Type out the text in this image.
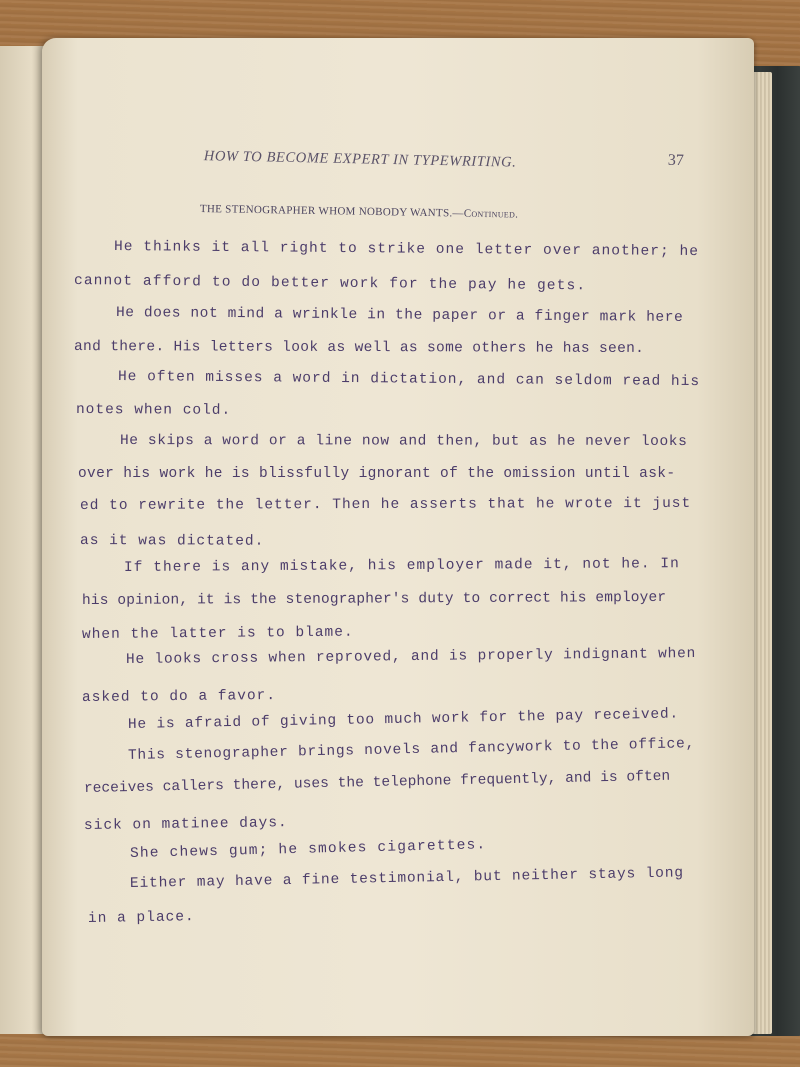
HOW TO BECOME EXPERT IN TYPEWRITING.	37
THE STENOGRAPHER WHOM NOBODY WANTS.—Continued.
He thinks it all right to strike one letter over another; he
cannot afford to do better work for the pay he gets.
He does not mind a wrinkle in the paper or a finger mark here
and there. His letters look as well as some others he has seen.
He often misses a word in dictation, and can seldom read his
notes when cold.
He skips a word or a line now and then, but as he never looks
over his work he is blissfully ignorant of the omission until ask-
ed to rewrite the letter. Then he asserts that he wrote it just
as it was dictated.
If there is any mistake, his employer made it, not he. In
his opinion, it is the stenographer's duty to correct his employer
when the latter is to blame.
He looks cross when reproved, and is properly indignant when
asked to do a favor.
He is afraid of giving too much work for the pay received.
This stenographer brings novels and fancywork to the office,
receives callers there, uses the telephone frequently, and is often
sick on matinee days.
She chews gum; he smokes cigarettes.
Either may have a fine testimonial, but neither stays long
in a place.
